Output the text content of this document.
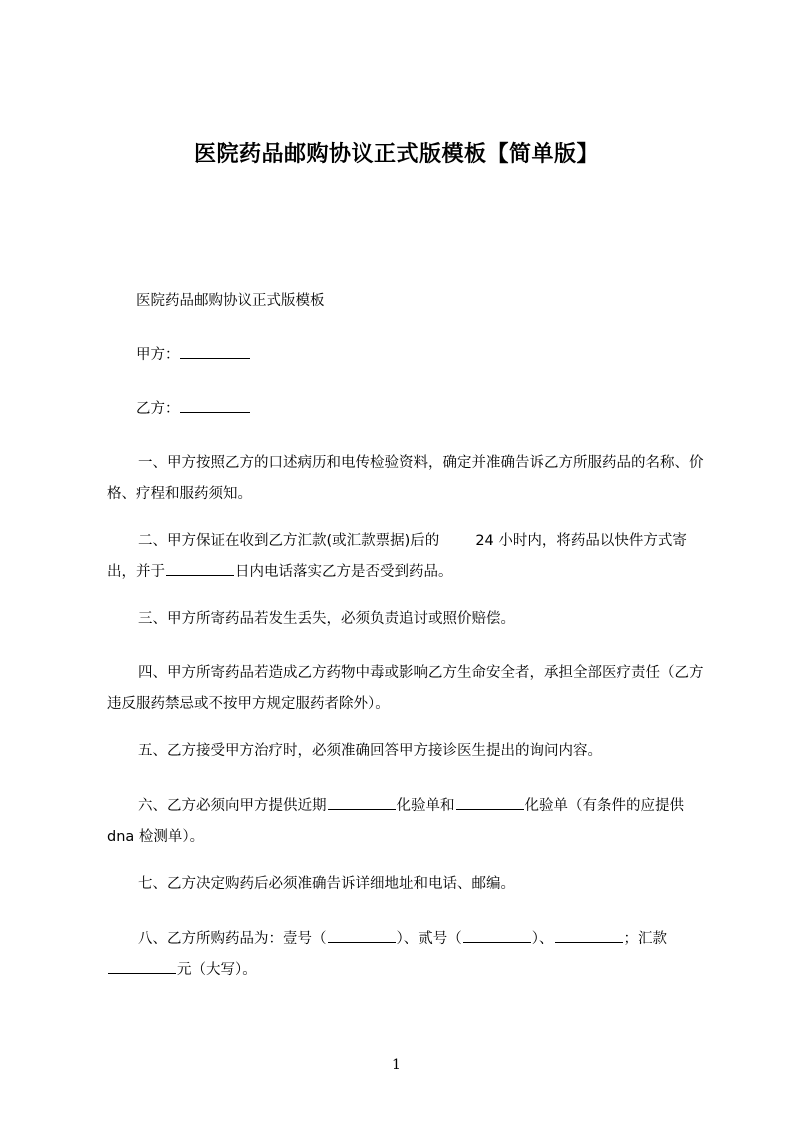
医院药品邮购协议正式版模板【简单版】

医院药品邮购协议正式版模板

甲方：

乙方：

一、甲方按照乙方的口述病历和电传检验资料，确定并准确告诉乙方所服药品的名称、价格、疗程和服药须知。

二、甲方保证在收到乙方汇款(或汇款票据)后的 24 小时内，将药品以快件方式寄出，并于	日内电话落实乙方是否受到药品。

三、甲方所寄药品若发生丢失，必须负责追讨或照价赔偿。

四、甲方所寄药品若造成乙方药物中毒或影响乙方生命安全者，承担全部医疗责任（乙方违反服药禁忌或不按甲方规定服药者除外）。

五、乙方接受甲方治疗时，必须准确回答甲方接诊医生提出的询问内容。

六、乙方必须向甲方提供近期	化验单和	化验单（有条件的应提供 dna 检测单）。

七、乙方决定购药后必须准确告诉详细地址和电话、邮编。

八、乙方所购药品为：壹号（	）、贰号（	）、	；汇款元（大写）。

1
